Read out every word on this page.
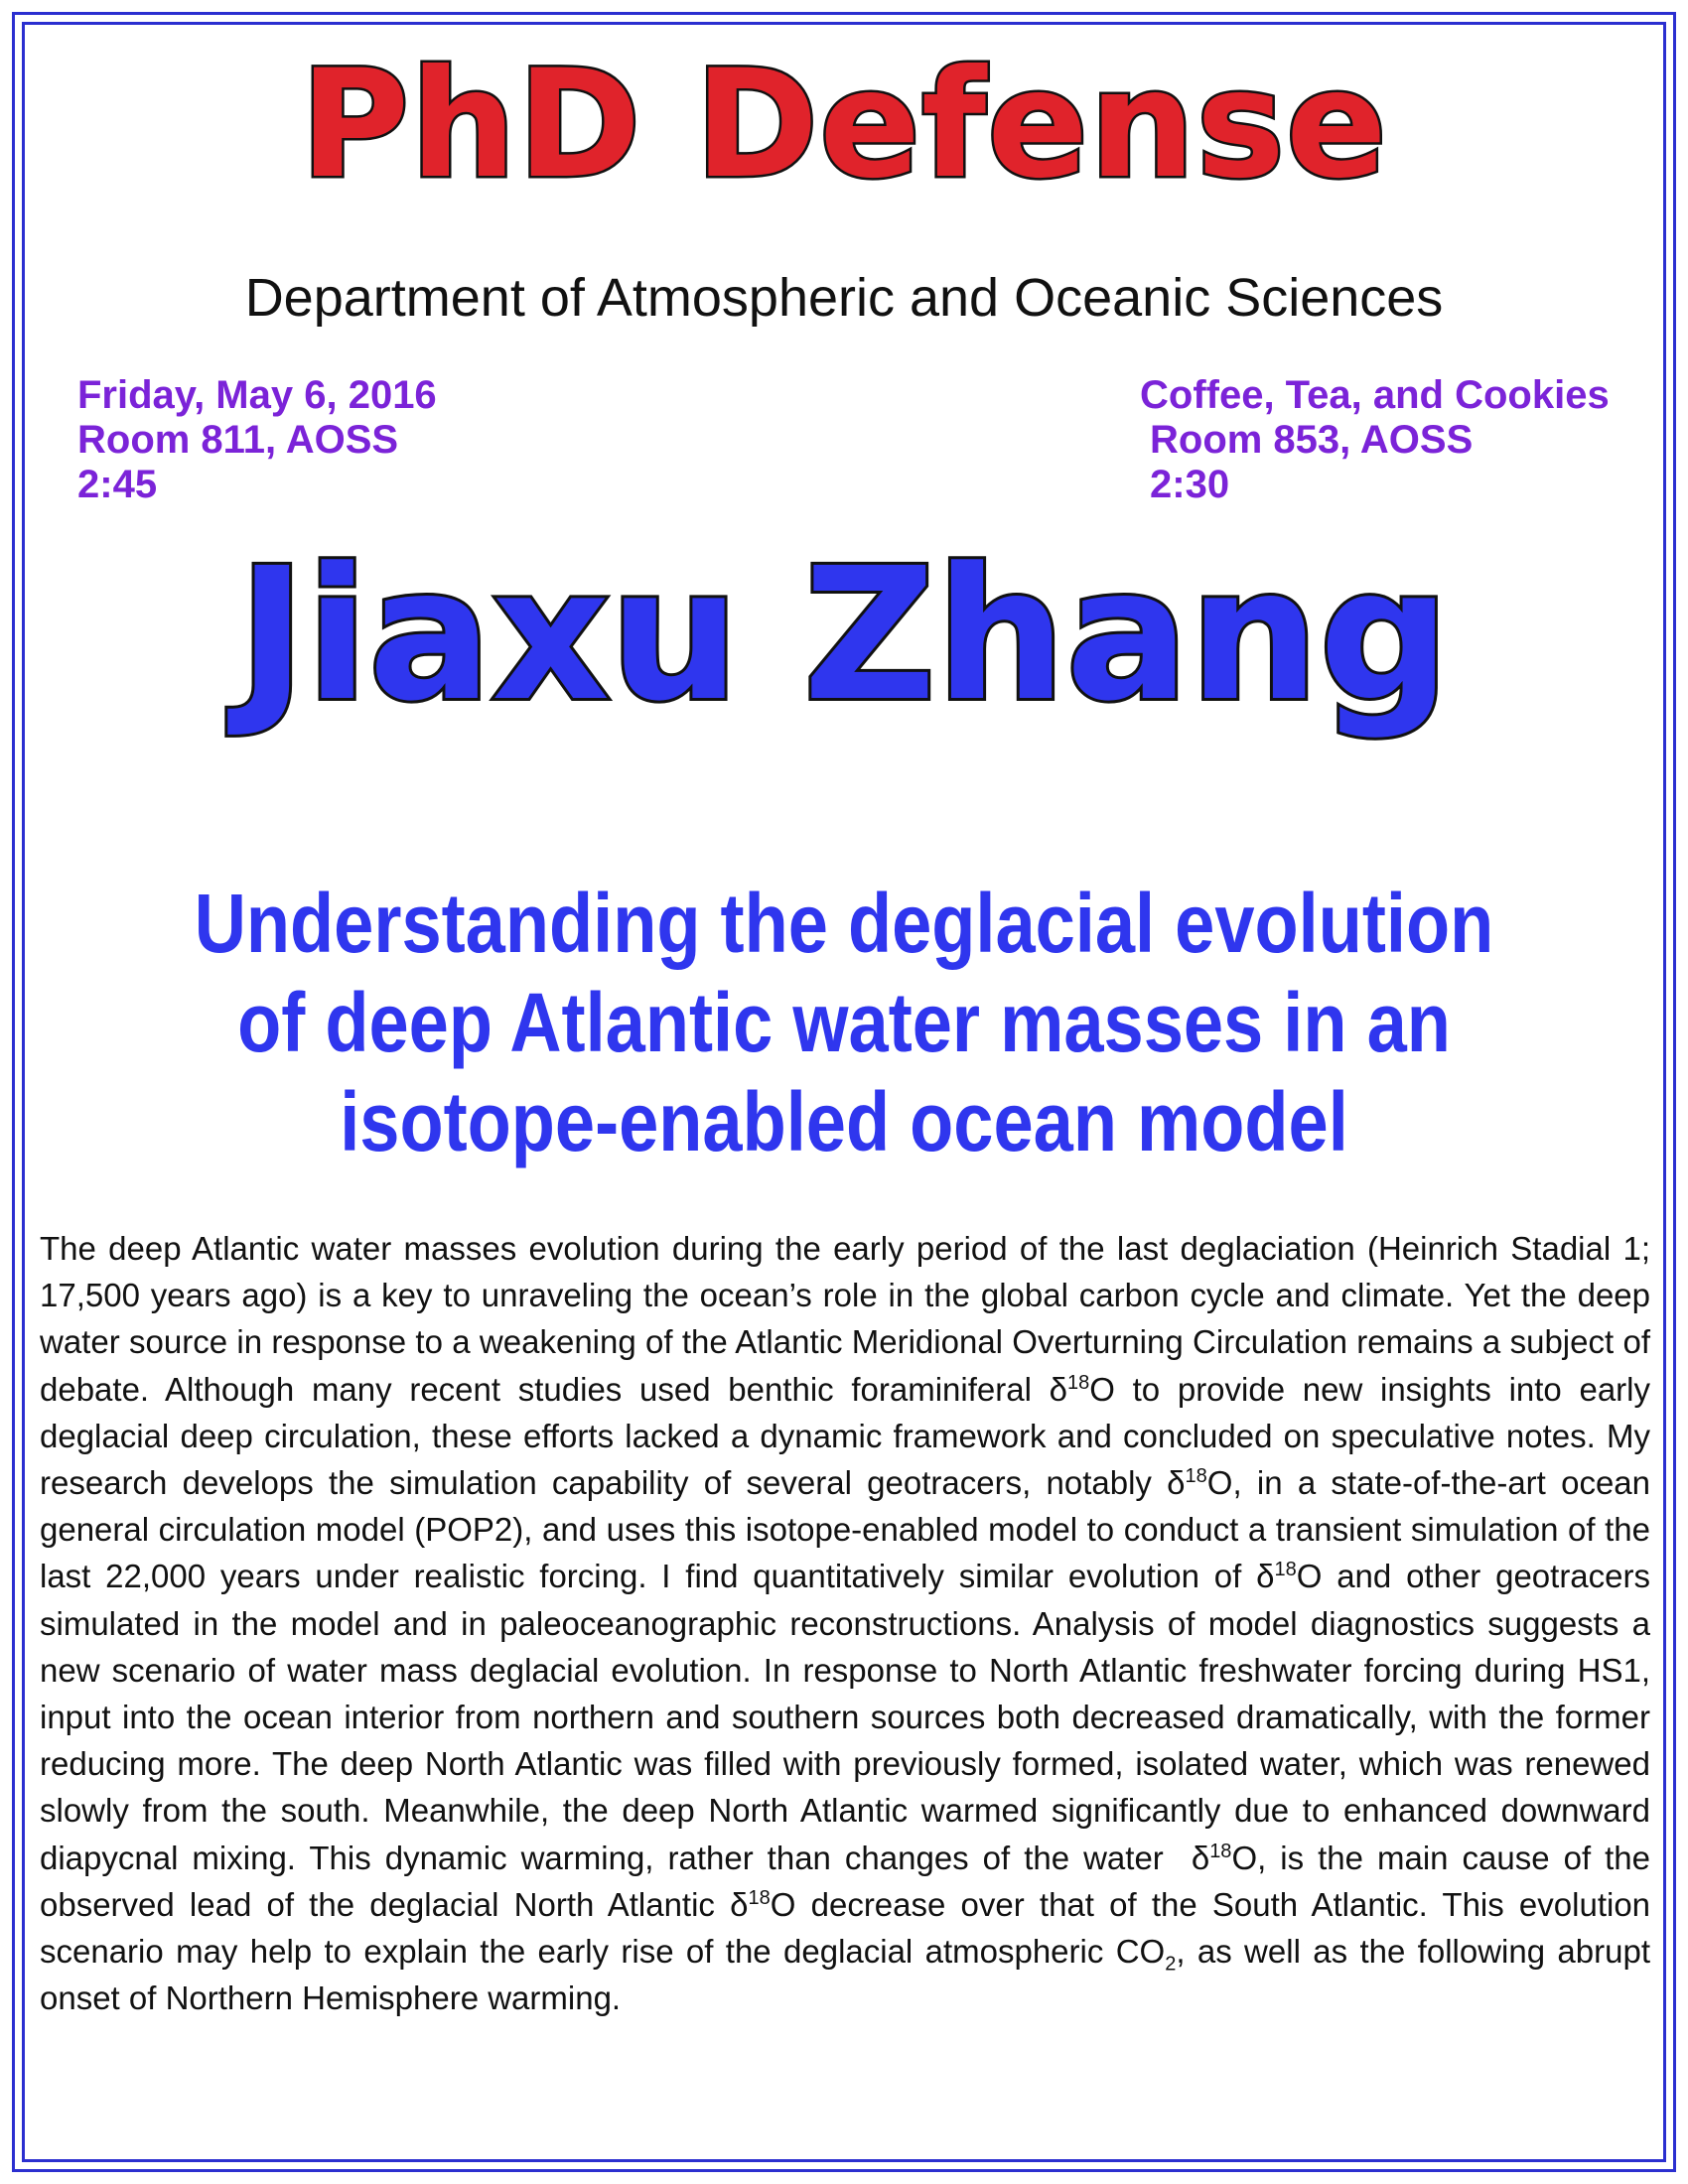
PhD Defense
Department of Atmospheric and Oceanic Sciences
Friday, May 6, 2016
Room 811, AOSS
2:45
Coffee, Tea, and Cookies
Room 853, AOSS
2:30
Jiaxu Zhang
Understanding the deglacial evolution
of deep Atlantic water masses in an
isotope-enabled ocean model
The deep Atlantic water masses evolution during the early period of the last deglaciation (Heinrich Stadial 1; 17,500 years ago) is a key to unraveling the ocean’s role in the global carbon cycle and climate. Yet the deep water source in response to a weakening of the Atlantic Meridional Overturning Circulation remains a subject of debate. Although many recent studies used benthic foraminiferal $\delta^{18}O$ to provide new insights into early deglacial deep circulation, these efforts lacked a dynamic framework and concluded on speculative notes. My research develops the simulation capability of several geotracers, notably $\delta^{18}O$, in a state-of-the-art ocean general circulation model (POP2), and uses this isotope-enabled model to conduct a transient simulation of the last 22,000 years under realistic forcing. I find quantitatively similar evolution of $\delta^{18}O$ and other geotracers simulated in the model and in paleoceanographic reconstructions. Analysis of model diagnostics suggests a new scenario of water mass deglacial evolution. In response to North Atlantic freshwater forcing during HS1, input into the ocean interior from northern and southern sources both decreased dramatically, with the former reducing more. The deep North Atlantic was filled with previously formed, isolated water, which was renewed slowly from the south. Meanwhile, the deep North Atlantic warmed significantly due to enhanced downward diapycnal mixing. This dynamic warming, rather than changes of the water $\delta^{18}O$, is the main cause of the observed lead of the deglacial North Atlantic $\delta^{18}O$ decrease over that of the South Atlantic. This evolution scenario may help to explain the early rise of the deglacial atmospheric $CO_2$, as well as the following abrupt onset of Northern Hemisphere warming.
